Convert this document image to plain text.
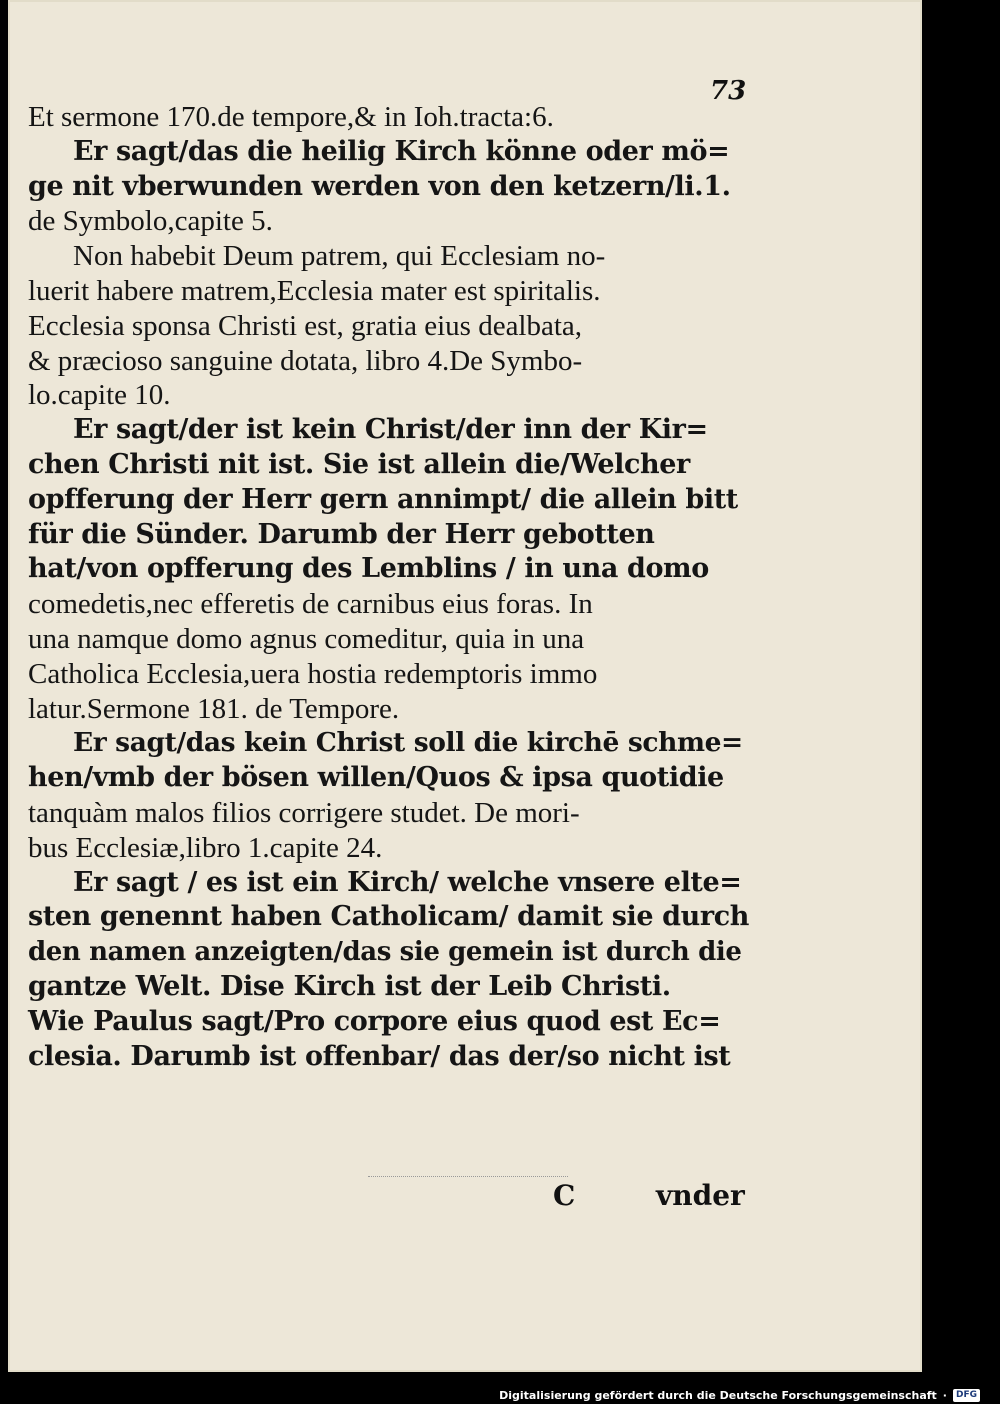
73
Et sermone 170.de tempore,& in Ioh.tracta:6.
Er sagt/das die heilig Kirch könne oder mö=
ge nit vberwunden werden von den ketzern/li.1.
de Symbolo,capite 5.
Non habebit Deum patrem, qui Ecclesiam no-
luerit habere matrem,Ecclesia mater est spiritalis.
Ecclesia sponsa Christi est, gratia eius dealbata,
& præcioso sanguine dotata, libro 4.De Symbo-
lo.capite 10.
Er sagt/der ist kein Christ/der inn der Kir=
chen Christi nit ist. Sie ist allein die/Welcher
opfferung der Herr gern annimpt/ die allein bitt
für die Sünder. Darumb der Herr gebotten
hat/von opfferung des Lemblins / in una domo
comedetis,nec efferetis de carnibus eius foras. In
una namque domo agnus comeditur, quia in una
Catholica Ecclesia,uera hostia redemptoris immo
latur.Sermone 181. de Tempore.
Er sagt/das kein Christ soll die kirchē schme=
hen/vmb der bösen willen/Quos & ipsa quotidie
tanquàm malos filios corrigere studet. De mori-
bus Ecclesiæ,libro 1.capite 24.
Er sagt / es ist ein Kirch/ welche vnsere elte=
sten genennt haben Catholicam/ damit sie durch
den namen anzeigten/das sie gemein ist durch die
gantze Welt. Dise Kirch ist der Leib Christi.
Wie Paulus sagt/Pro corpore eius quod est Ec=
clesia. Darumb ist offenbar/ das der/so nicht ist
C	vnder
Digitalisierung gefördert durch die Deutsche Forschungsgemeinschaft ·	DFG
